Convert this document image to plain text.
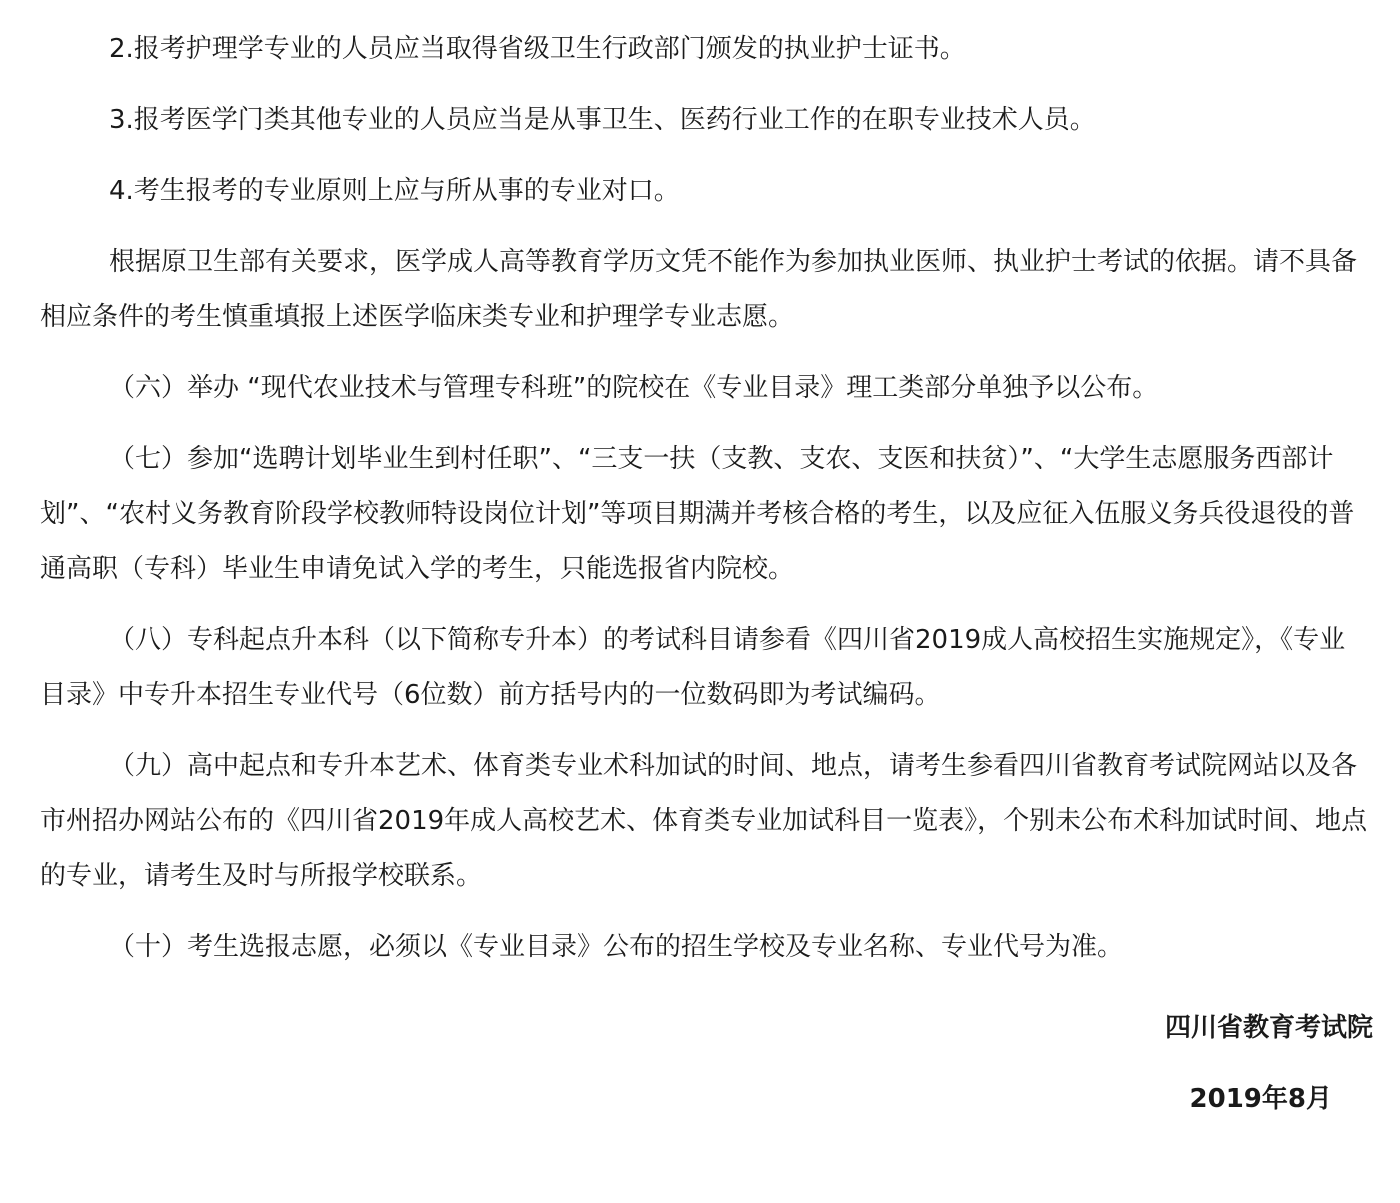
2.报考护理学专业的人员应当取得省级卫生行政部门颁发的执业护士证书。

3.报考医学门类其他专业的人员应当是从事卫生、医药行业工作的在职专业技术人员。

4.考生报考的专业原则上应与所从事的专业对口。

根据原卫生部有关要求，医学成人高等教育学历文凭不能作为参加执业医师、执业护士考试的依据。请不具备相应条件的考生慎重填报上述医学临床类专业和护理学专业志愿。

（六）举办 “现代农业技术与管理专科班”的院校在《专业目录》理工类部分单独予以公布。

（七）参加“选聘计划毕业生到村任职”、“三支一扶（支教、支农、支医和扶贫）”、“大学生志愿服务西部计划”、“农村义务教育阶段学校教师特设岗位计划”等项目期满并考核合格的考生，以及应征入伍服义务兵役退役的普通高职（专科）毕业生申请免试入学的考生，只能选报省内院校。

（八）专科起点升本科（以下简称专升本）的考试科目请参看《四川省2019成人高校招生实施规定》，《专业目录》中专升本招生专业代号（6位数）前方括号内的一位数码即为考试编码。

（九）高中起点和专升本艺术、体育类专业术科加试的时间、地点，请考生参看四川省教育考试院网站以及各市州招办网站公布的《四川省2019年成人高校艺术、体育类专业加试科目一览表》，个别未公布术科加试时间、地点的专业，请考生及时与所报学校联系。

（十）考生选报志愿，必须以《专业目录》公布的招生学校及专业名称、专业代号为准。

四川省教育考试院
2019年8月
